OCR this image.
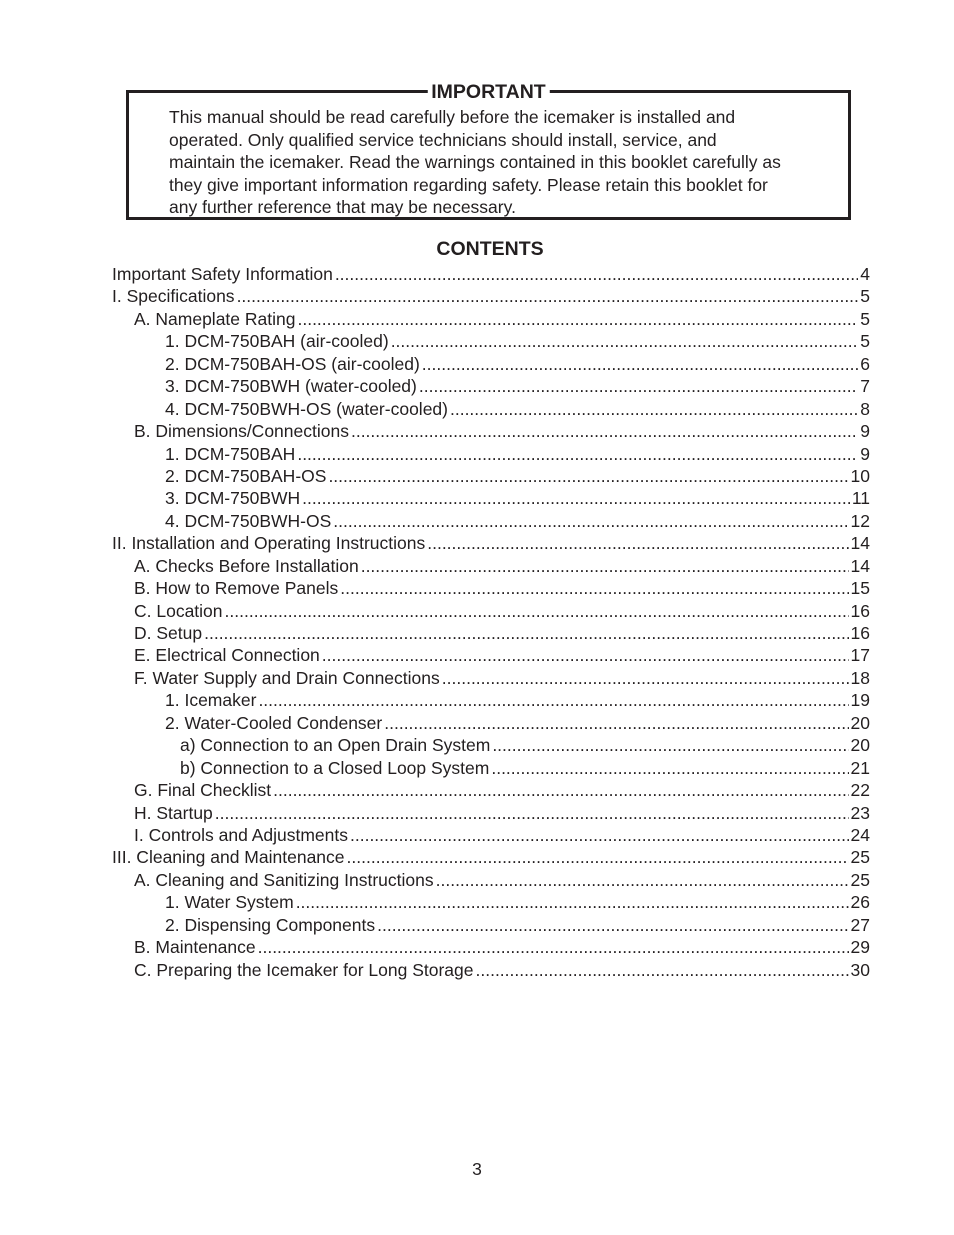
IMPORTANT
This manual should be read carefully before the icemaker is installed and
operated. Only qualified service technicians should install, service, and
maintain the icemaker. Read the warnings contained in this booklet carefully as
they give important information regarding safety. Please retain this booklet for
any further reference that may be necessary.
CONTENTS
Important Safety Information .....	4
I. Specifications .....	5
A. Nameplate Rating .....	5
1. DCM-750BAH (air-cooled) .....	5
2. DCM-750BAH-OS (air-cooled) .....	6
3. DCM-750BWH (water-cooled) .....	7
4. DCM-750BWH-OS (water-cooled) .....	8
B. Dimensions/Connections .....	9
1. DCM-750BAH .....	9
2. DCM-750BAH-OS .....	10
3. DCM-750BWH .....	11
4. DCM-750BWH-OS .....	12
II. Installation and Operating Instructions .....	14
A. Checks Before Installation .....	14
B. How to Remove Panels .....	15
C. Location .....	16
D. Setup .....	16
E. Electrical Connection .....	17
F. Water Supply and Drain Connections .....	18
1. Icemaker .....	19
2. Water-Cooled Condenser .....	20
a) Connection to an Open Drain System .....	20
b) Connection to a Closed Loop System .....	21
G. Final Checklist .....	22
H. Startup .....	23
I. Controls and Adjustments .....	24
III. Cleaning and Maintenance .....	25
A. Cleaning and Sanitizing Instructions .....	25
1. Water System .....	26
2. Dispensing Components .....	27
B. Maintenance .....	29
C. Preparing the Icemaker for Long Storage .....	30
3
